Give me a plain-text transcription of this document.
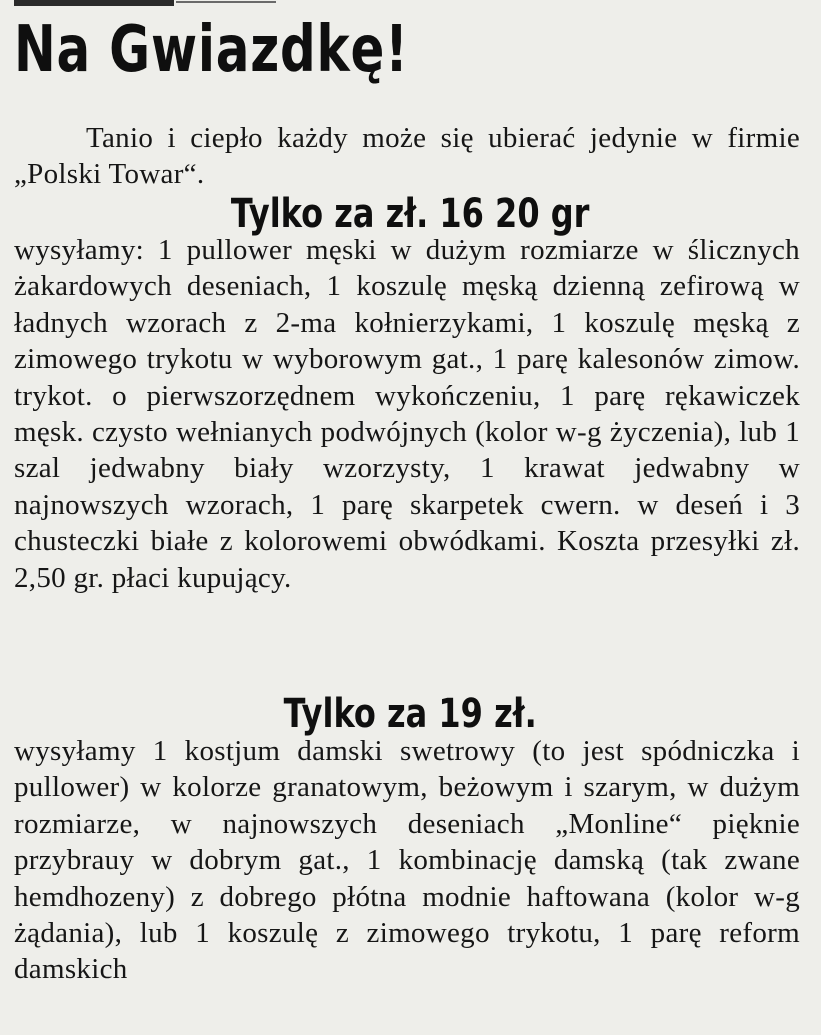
Na Gwiazdkę!

Tanio i ciepło każdy może się ubierać jedynie w firmie „Polski Towar“.

Tylko za zł. 16 20 gr

wysyłamy: 1 pullower męski w dużym rozmiarze w ślicznych żakardowych deseniach, 1 koszulę męską dzienną zefirową w ładnych wzorach z 2-ma kołnierzykami, 1 koszulę męską z zimowego trykotu w wyborowym gat., 1 parę kalesonów zimow. trykot. o pierwszorzędnem wykończeniu, 1 parę rękawiczek męsk. czysto wełnianych podwójnych (kolor w-g życzenia), lub 1 szal jedwabny biały wzorzysty, 1 krawat jedwabny w najnowszych wzorach, 1 parę skarpetek cwern. w deseń i 3 chusteczki białe z kolorowemi obwódkami. Koszta przesyłki zł. 2,50 gr. płaci kupujący.

Tylko za 19 zł.

wysyłamy 1 kostjum damski swetrowy (to jest spódniczka i pullower) w kolorze granatowym, beżowym i szarym, w dużym rozmiarze, w najnowszych deseniach „Monline“ pięknie przybrauy w dobrym gat., 1 kombinację damską (tak zwane hemdhozeny) z dobrego płótna modnie haftowana (kolor w-g żądania), lub 1 koszulę z zimowego trykotu, 1 parę reform damskich
